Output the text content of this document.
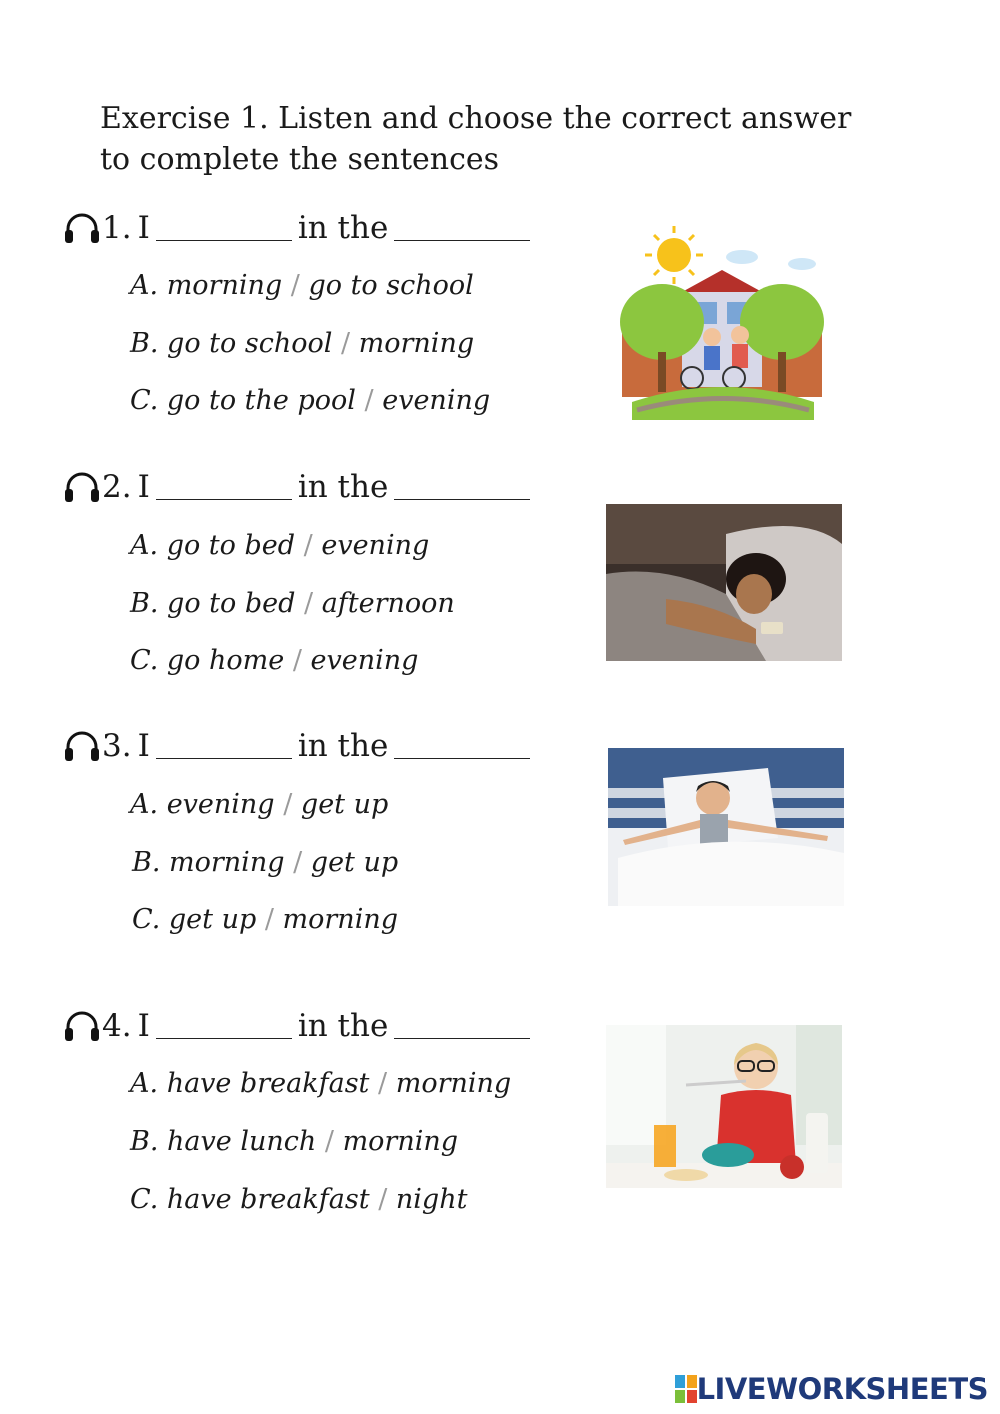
Exercise 1. Listen and choose the correct answer to complete the sentences
1. I	in the
A. morning / go to school
B. go to school / morning
C. go to the pool / evening
2. I	in the
A. go to bed / evening
B. go to bed / afternoon
C. go home / evening
3. I	in the
A. evening / get up
B. morning / get up
C. get up / morning
4. I	in the
A. have breakfast / morning
B. have lunch / morning
C. have breakfast / night
LIVEWORKSHEETS
